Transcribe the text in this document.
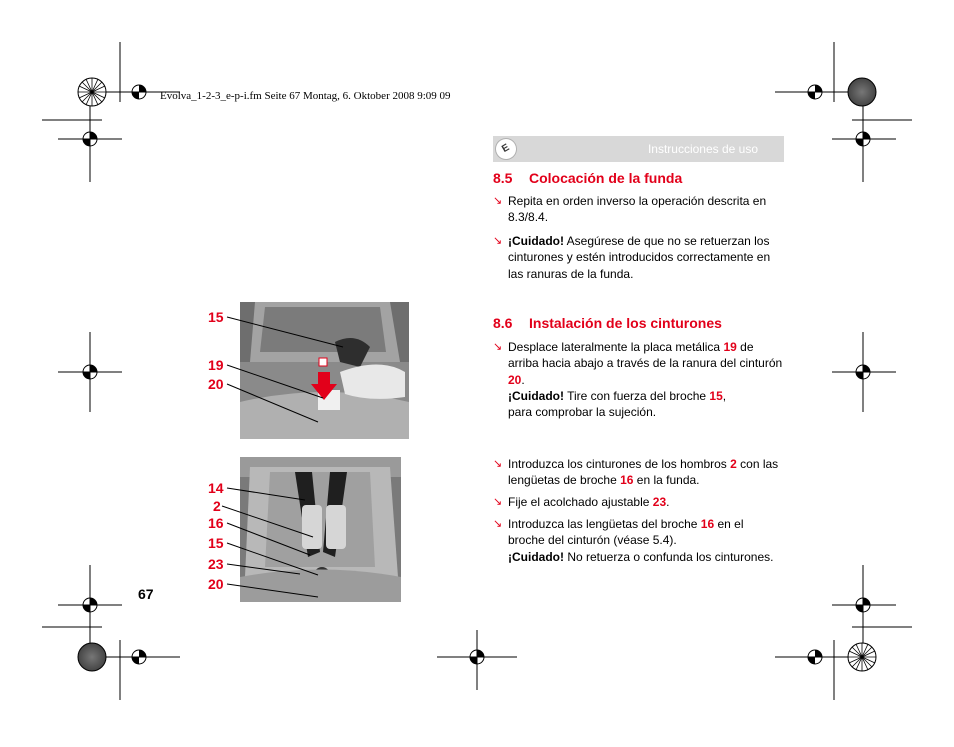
Evolva_1-2-3_e-p-i.fm Seite 67 Montag, 6. Oktober 2008 9:09 09
E	Instrucciones de uso
8.5 Colocación de la funda
↘ Repita en orden inverso la operación descrita en 8.3/8.4.
↘ ¡Cuidado! Asegúrese de que no se retuerzan los cinturones y estén introducidos correctamente en las ranuras de la funda.
8.6 Instalación de los cinturones
↘ Desplace lateralmente la placa metálica 19 de arriba hacia abajo a través de la ranura del cinturón 20.
¡Cuidado! Tire con fuerza del broche 15,
para comprobar la sujeción.
↘ Introduzca los cinturones de los hombros 2 con las lengüetas de broche 16 en la funda.
↘ Fije el acolchado ajustable 23.
↘ Introduzca las lengüetas del broche 16 en el broche del cinturón (véase 5.4).
¡Cuidado! No retuerza o confunda los cinturones.
15
19
20
14
2
16
15
23
20
67
